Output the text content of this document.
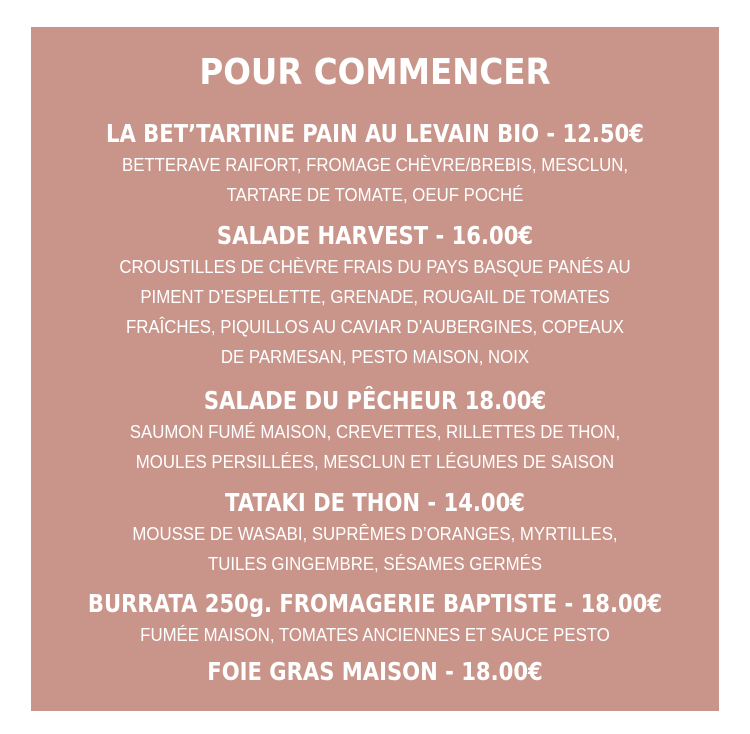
POUR COMMENCER
LA BET’TARTINE PAIN AU LEVAIN BIO - 12.50€
BETTERAVE RAIFORT, FROMAGE CHÈVRE/BREBIS, MESCLUN,
TARTARE DE TOMATE, OEUF POCHÉ
SALADE HARVEST - 16.00€
CROUSTILLES DE CHÈVRE FRAIS DU PAYS BASQUE PANÉS AU
PIMENT D’ESPELETTE, GRENADE, ROUGAIL DE TOMATES
FRAÎCHES, PIQUILLOS AU CAVIAR D’AUBERGINES, COPEAUX
DE PARMESAN, PESTO MAISON, NOIX
SALADE DU PÊCHEUR 18.00€
SAUMON FUMÉ MAISON, CREVETTES, RILLETTES DE THON,
MOULES PERSILLÉES, MESCLUN ET LÉGUMES DE SAISON
TATAKI DE THON - 14.00€
MOUSSE DE WASABI, SUPRÊMES D’ORANGES, MYRTILLES,
TUILES GINGEMBRE, SÉSAMES GERMÉS
BURRATA 250g. FROMAGERIE BAPTISTE - 18.00€
FUMÉE MAISON, TOMATES ANCIENNES ET SAUCE PESTO
FOIE GRAS MAISON - 18.00€
